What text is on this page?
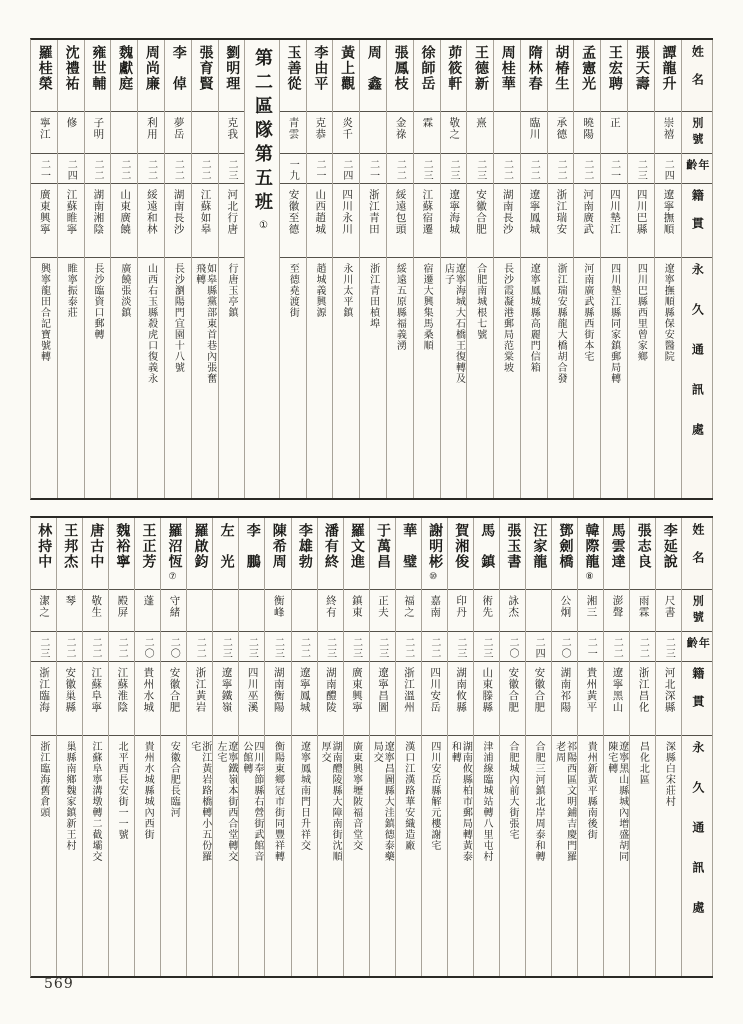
姓名
別號
年齡
籍貫
永久通訊處
第二區隊第五班①
譚龍升
崇禧
二四
遼寧撫順
遼寧撫順縣保安醫院
張天壽
二三
四川巴縣
四川巴縣西里曾家鄉
王宏聘
正
二一
四川墊江
四川墊江縣同家鎮郵局轉
孟憲光
曉陽
二二
河南廣武
河南廣武縣西街本宅
胡椿生
承德
二二
浙江瑞安
浙江瑞安縣龍大橋胡合發
隋林春
臨川
二二
遼寧鳳城
遼寧鳳城縣高麗門信箱
周桂華
二二
湖南長沙
長沙霞凝港郵局范棠坡
王德新
熹
二三
安徽合肥
合肥南城根七號
茆筱軒
敬之
二三
遼寧海城
遼寧海城大石橋王復轉及店子
徐師岳
霖
二三
江蘇宿遷
宿遷大興集馬桑順
張鳳枝
金祿
二二
綏遠包頭
綏遠五原縣福義湧
周　鑫
二一
浙江青田
浙江青田楨埠
黃上觀
炎千
二四
四川永川
永川太平鎮
李由平
克恭
二一
山西趙城
趙城義興源
玉善從
青雲
一九
安徽至德
至德堯渡街
劉明理
克我
二三
河北行唐
行唐玉亭鎮
張育賢
二二
江蘇如皋
如皋縣黨部東首巷內張奮飛轉
李　倬
夢岳
二二
湖南長沙
長沙瀏陽門宜園十八號
周尚廉
利用
二二
綏遠和林
山西右玉縣殺虎口復義永
魏獻庭
二二
山東廣饒
廣饒張淡鎮
雍世輔
子明
二二
湖南湘陰
長沙臨資口郵轉
沈禮祐
修
二四
江蘇睢寧
睢寧振泰莊
羅桂榮
寧江
二一
廣東興寧
興寧龍田合記寶號轉
姓名
別號
年齡
籍貫
永久通訊處
李延說
尺書
二三
河北深縣
深縣白宋莊村
張志良
雨霖
二二
浙江昌化
昌化北區
馬雲達
澎聲
二二
遼寧黑山
遼寧黑山縣城內增盛胡同陳宅轉
韓際龍⑧
湘三
二一
貴州黃平
貴州新黃平縣南後街
鄧劍橋
公炯
二〇
湖南祁陽
祁陽西區文明鋪吉慶門羅老周
汪家龍
二四
安徽合肥
合肥三河鎮北岸周泰和轉
張玉書
詠杰
二〇
安徽合肥
合肥城內前大街張宅
馬　鎮
術先
二三
山東滕縣
津浦線臨城站轉八里屯村
賀湘俊
印丹
二三
湖南攸縣
湖南攸縣柏市郵局轉黃泰和轉
謝明彬⑩
嘉南
二二
四川安岳
四川安岳縣解元樓謝宅
華　璧
福之
二二
浙江溫州
漢口江漢路華安織造廠
于萬昌
正夫
二三
遼寧昌圖
遼寧昌圖縣大洼鎮德泰藥局交
羅文進
鎮東
二三
廣東興寧
廣東興寧壢陂福音堂交
潘有終
終有
二三
湖南醴陵
湖南醴陵縣大障南街沈順厚交
李雄勃
二二
遼寧鳳城
遼寧鳳城南門日升祥交
陳希周
衡峰
二三
湖南衡陽
衡陽東鄉冠市街同豐祥轉
李　鵬
二三
四川巫溪
四川奉節縣右營街武館音公館轉
左　光
二三
遼寧鐵嶺
遼寧鐵嶺本街西合堂轉交左宅
羅啟鈞
二二
浙江黃岩
浙江黃岩路橋轉小五份羅宅
羅沼恆⑦
守緒
二〇
安徽合肥
安徽合肥長臨河
王正芳
蓬
二〇
貴州水城
貴州水城縣城內西街
魏裕寧
殿屏
二二
江蘇淮陰
北平西長安街一一號
唐古中
敬生
二二
江蘇阜寧
江蘇阜寧溝墩轉二截壩交
王邦杰
琴
二二
安徽巢縣
巢縣南鄉魏家鎮新王村
林持中
潔之
二三
浙江臨海
浙江臨海舊倉頭
569
